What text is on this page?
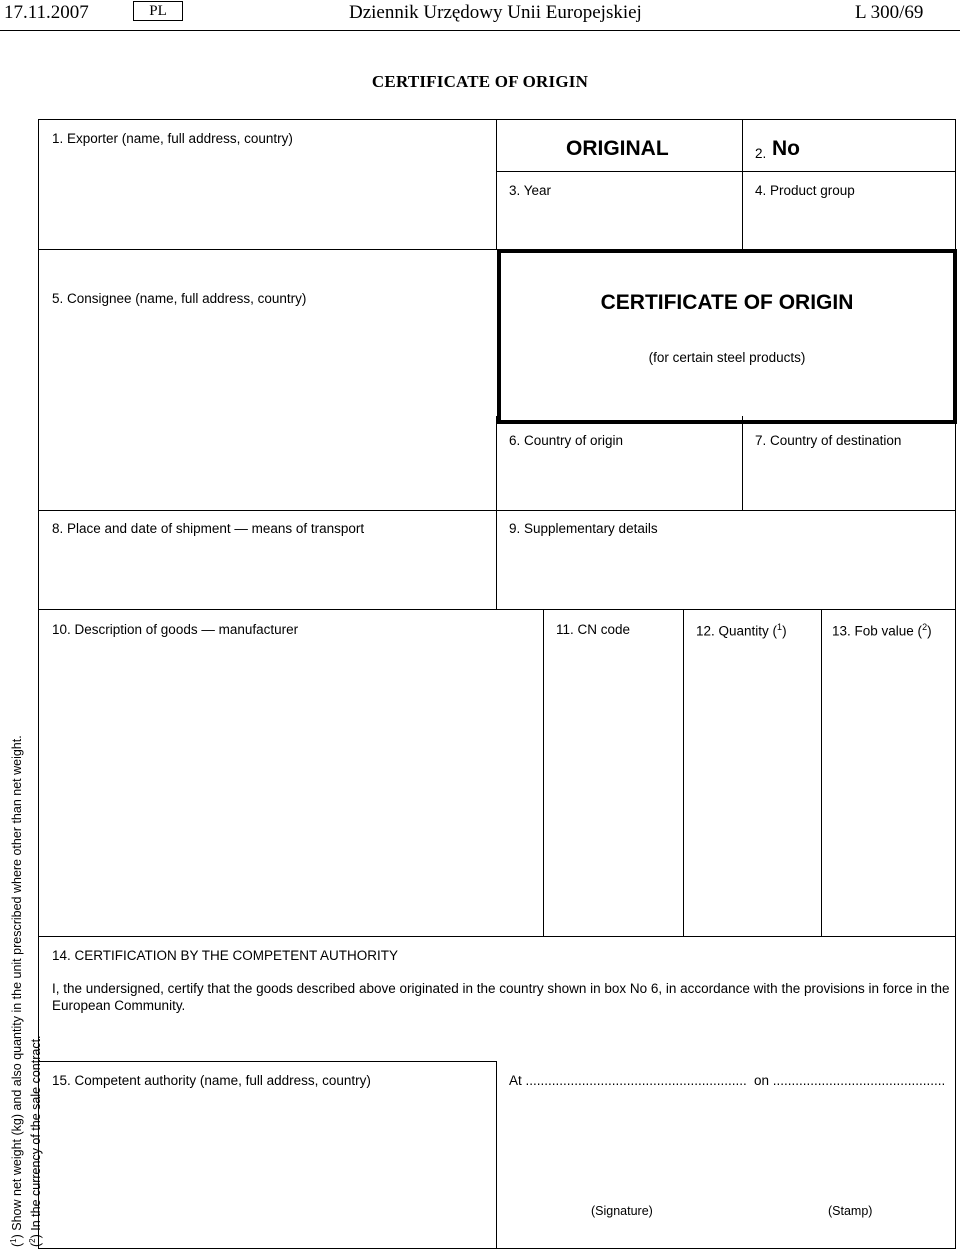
17.11.2007	PL	Dziennik Urzędowy Unii Europejskiej	L 300/69
CERTIFICATE OF ORIGIN
1. Exporter (name, full address, country)	ORIGINAL	2. No
3. Year	4. Product group
5. Consignee (name, full address, country)	CERTIFICATE OF ORIGIN
(for certain steel products)
6. Country of origin	7. Country of destination
8. Place and date of shipment — means of transport	9. Supplementary details
10. Description of goods — manufacturer	11. CN code	12. Quantity ($^1$)	13. Fob value ($^2$)
14. CERTIFICATION BY THE COMPETENT AUTHORITY
I, the undersigned, certify that the goods described above originated in the country shown in box No 6, in accordance with the provisions in force in the European Community.
15. Competent authority (name, full address, country)	At ........................................................... on ..............................................
(Signature)	(Stamp)
($^1$) Show net weight (kg) and also quantity in the unit prescribed where other than net weight.
($^2$) In the currency of the sale contract.
